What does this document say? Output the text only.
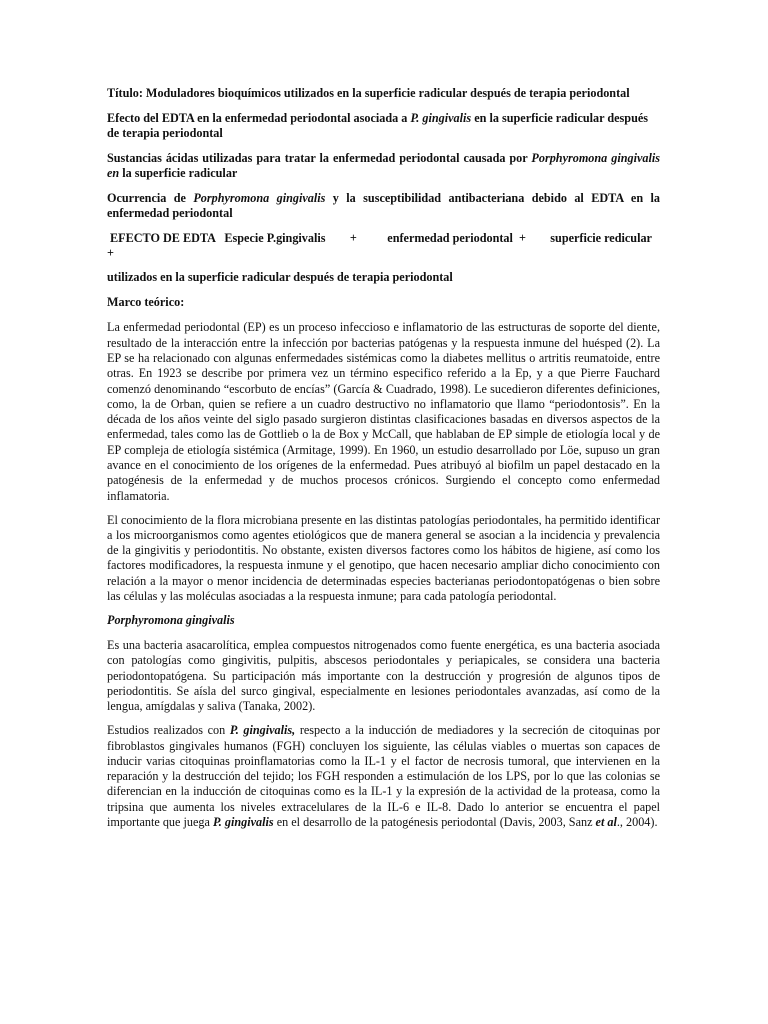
Título: Moduladores bioquímicos utilizados en la superficie radicular después de terapia periodontal

Efecto del EDTA en la enfermedad periodontal asociada a P. gingivalis en la superficie radicular después de terapia periodontal

Sustancias ácidas utilizadas para tratar la enfermedad periodontal causada por Porphyromona gingivalis en la superficie radicular

Ocurrencia de Porphyromona gingivalis y la susceptibilidad antibacteriana debido al EDTA en la enfermedad periodontal

EFECTO DE EDTA   Especie P.gingivalis        +          enfermedad periodontal  +        superficie redicular
+

utilizados en la superficie radicular después de terapia periodontal

Marco teórico:

La enfermedad periodontal (EP) es un proceso infeccioso e inflamatorio de las estructuras de soporte del diente, resultado de la interacción entre la infección por bacterias patógenas y la respuesta inmune del huésped (2). La EP se ha relacionado con algunas enfermedades sistémicas como la diabetes mellitus o artritis reumatoide, entre otras. En 1923 se describe por primera vez un término especifico referido a la Ep, y a que Pierre Fauchard comenzó denominando “escorbuto de encías” (García & Cuadrado, 1998). Le sucedieron diferentes definiciones, como, la de Orban, quien se refiere a un cuadro destructivo no inflamatorio que llamo “periodontosis”. En la década de los años veinte del siglo pasado surgieron distintas clasificaciones basadas en diversos aspectos de la enfermedad, tales como las de Gottlieb o la de Box y McCall, que hablaban de EP simple de etiología local y de EP compleja de etiología sistémica (Armitage, 1999). En 1960, un estudio desarrollado por Löe, supuso un gran avance en el conocimiento de los orígenes de la enfermedad. Pues atribuyó al biofilm un papel destacado en la patogénesis de la enfermedad y de muchos procesos crónicos. Surgiendo el concepto como enfermedad inflamatoria.

El conocimiento de la flora microbiana presente en las distintas patologías periodontales, ha permitido identificar a los microorganismos como agentes etiológicos que de manera general se asocian a la incidencia y prevalencia de la gingivitis y periodontitis. No obstante, existen diversos factores como los hábitos de higiene, así como los factores modificadores, la respuesta inmune y el genotipo, que hacen necesario ampliar dicho conocimiento con relación a la mayor o menor incidencia de determinadas especies bacterianas periodontopatógenas o bien sobre las células y las moléculas asociadas a la respuesta inmune; para cada patología periodontal.

Porphyromona gingivalis

Es una bacteria asacarolítica, emplea compuestos nitrogenados como fuente energética, es una bacteria asociada con patologías como gingivitis, pulpitis, abscesos periodontales y periapicales, se considera una bacteria periodontopatógena. Su participación más importante con la destrucción y progresión de algunos tipos de periodontitis. Se aísla del surco gingival, especialmente en lesiones periodontales avanzadas, así como de la lengua, amígdalas y saliva (Tanaka, 2002).

Estudios realizados con P. gingivalis, respecto a la inducción de mediadores y la secreción de citoquinas por fibroblastos gingivales humanos (FGH) concluyen los siguiente, las células viables o muertas son capaces de inducir varias citoquinas proinflamatorias como la IL-1 y el factor de necrosis tumoral, que intervienen en la reparación y la destrucción del tejido; los FGH responden a estimulación de los LPS, por lo que las colonias se diferencian en la inducción de citoquinas como es la IL-1 y la expresión de la actividad de la proteasa, como la tripsina que aumenta los niveles extracelulares de la IL-6 e IL-8. Dado lo anterior se encuentra el papel importante que juega P. gingivalis en el desarrollo de la patogénesis periodontal (Davis, 2003, Sanz et al., 2004).
